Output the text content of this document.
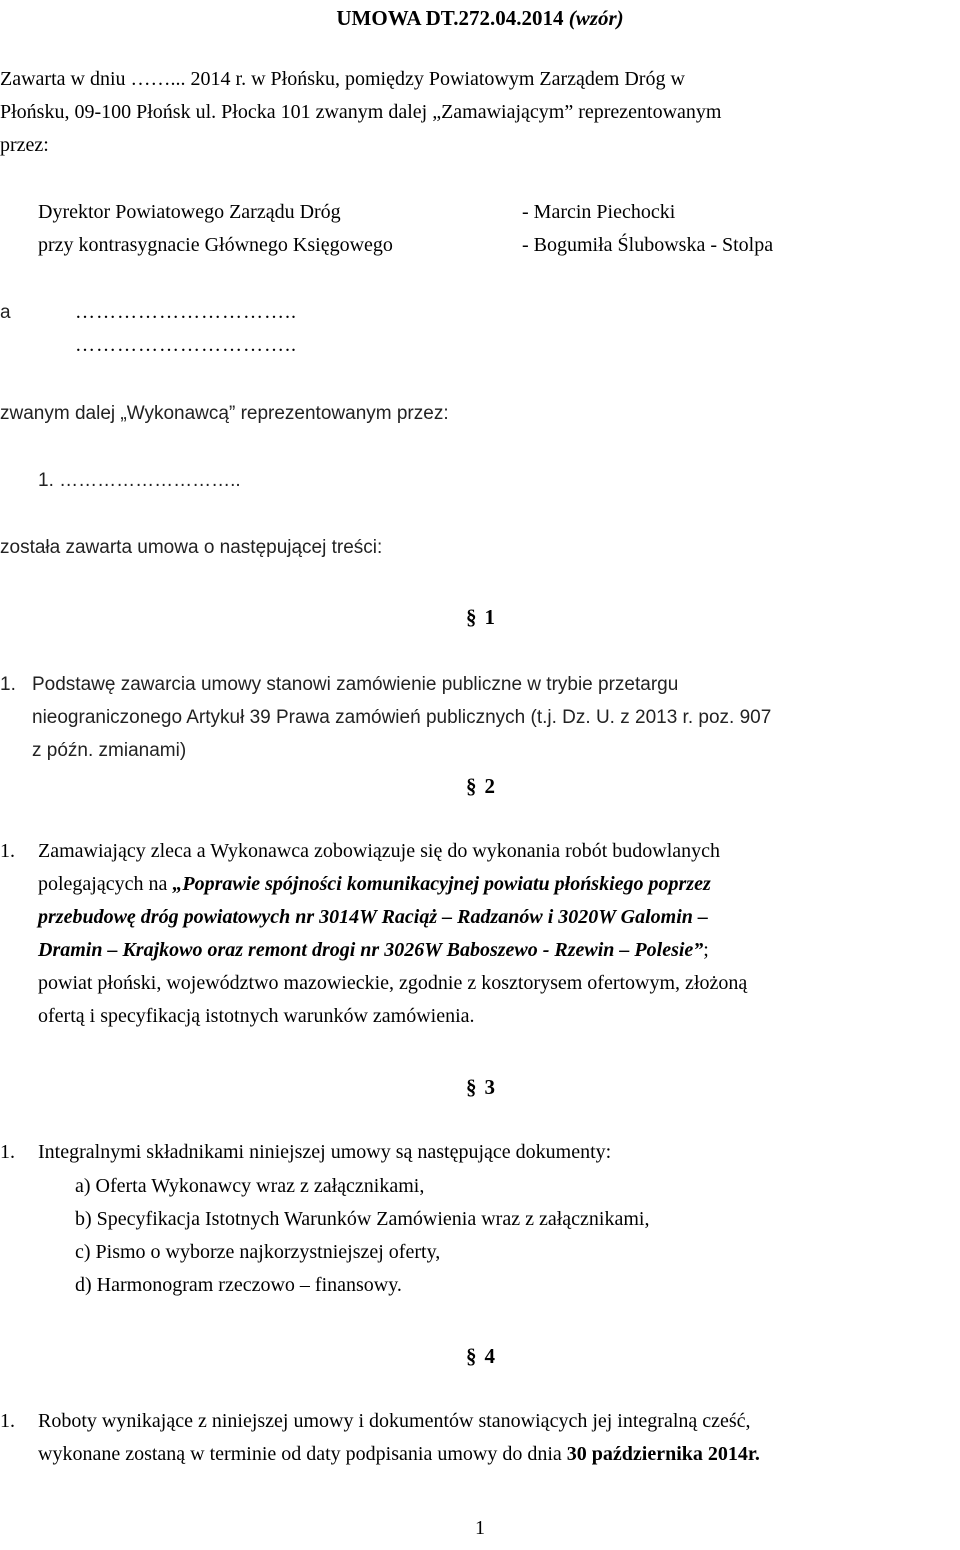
UMOWA DT.272.04.2014 (wzór)
Zawarta w dniu ……... 2014 r. w Płońsku, pomiędzy Powiatowym Zarządem Dróg w
Płońsku, 09-100 Płońsk ul. Płocka 101 zwanym dalej „Zamawiającym” reprezentowanym
przez:
Dyrektor Powiatowego Zarządu Dróg
przy kontrasygnacie Głównego Księgowego
- Marcin Piechocki
- Bogumiła Ślubowska - Stolpa
a	…………………………..
…………………………..
zwanym dalej „Wykonawcą” reprezentowanym przez:
1. ………………………..
została zawarta umowa o następującej treści:
§ 1
1. Podstawę zawarcia umowy stanowi zamówienie publiczne w trybie przetargu
nieograniczonego Artykuł 39 Prawa zamówień publicznych (t.j. Dz. U. z 2013 r. poz. 907
z późn. zmianami)
§ 2
1. Zamawiający zleca a Wykonawca zobowiązuje się do wykonania robót budowlanych
polegających na „Poprawie spójności komunikacyjnej powiatu płońskiego poprzez
przebudowę dróg powiatowych nr 3014W Raciąż – Radzanów i 3020W Galomin –
Dramin – Krajkowo oraz remont drogi nr 3026W Baboszewo - Rzewin – Polesie”;
powiat płoński, województwo mazowieckie, zgodnie z kosztorysem ofertowym, złożoną
ofertą i specyfikacją istotnych warunków zamówienia.
§ 3
1. Integralnymi składnikami niniejszej umowy są następujące dokumenty:
a) Oferta Wykonawcy wraz z załącznikami,
b) Specyfikacja Istotnych Warunków Zamówienia wraz z załącznikami,
c) Pismo o wyborze najkorzystniejszej oferty,
d) Harmonogram rzeczowo – finansowy.
§ 4
1. Roboty wynikające z niniejszej umowy i dokumentów stanowiących jej integralną cześć,
wykonane zostaną w terminie od daty podpisania umowy do dnia 30 października 2014r.
1
